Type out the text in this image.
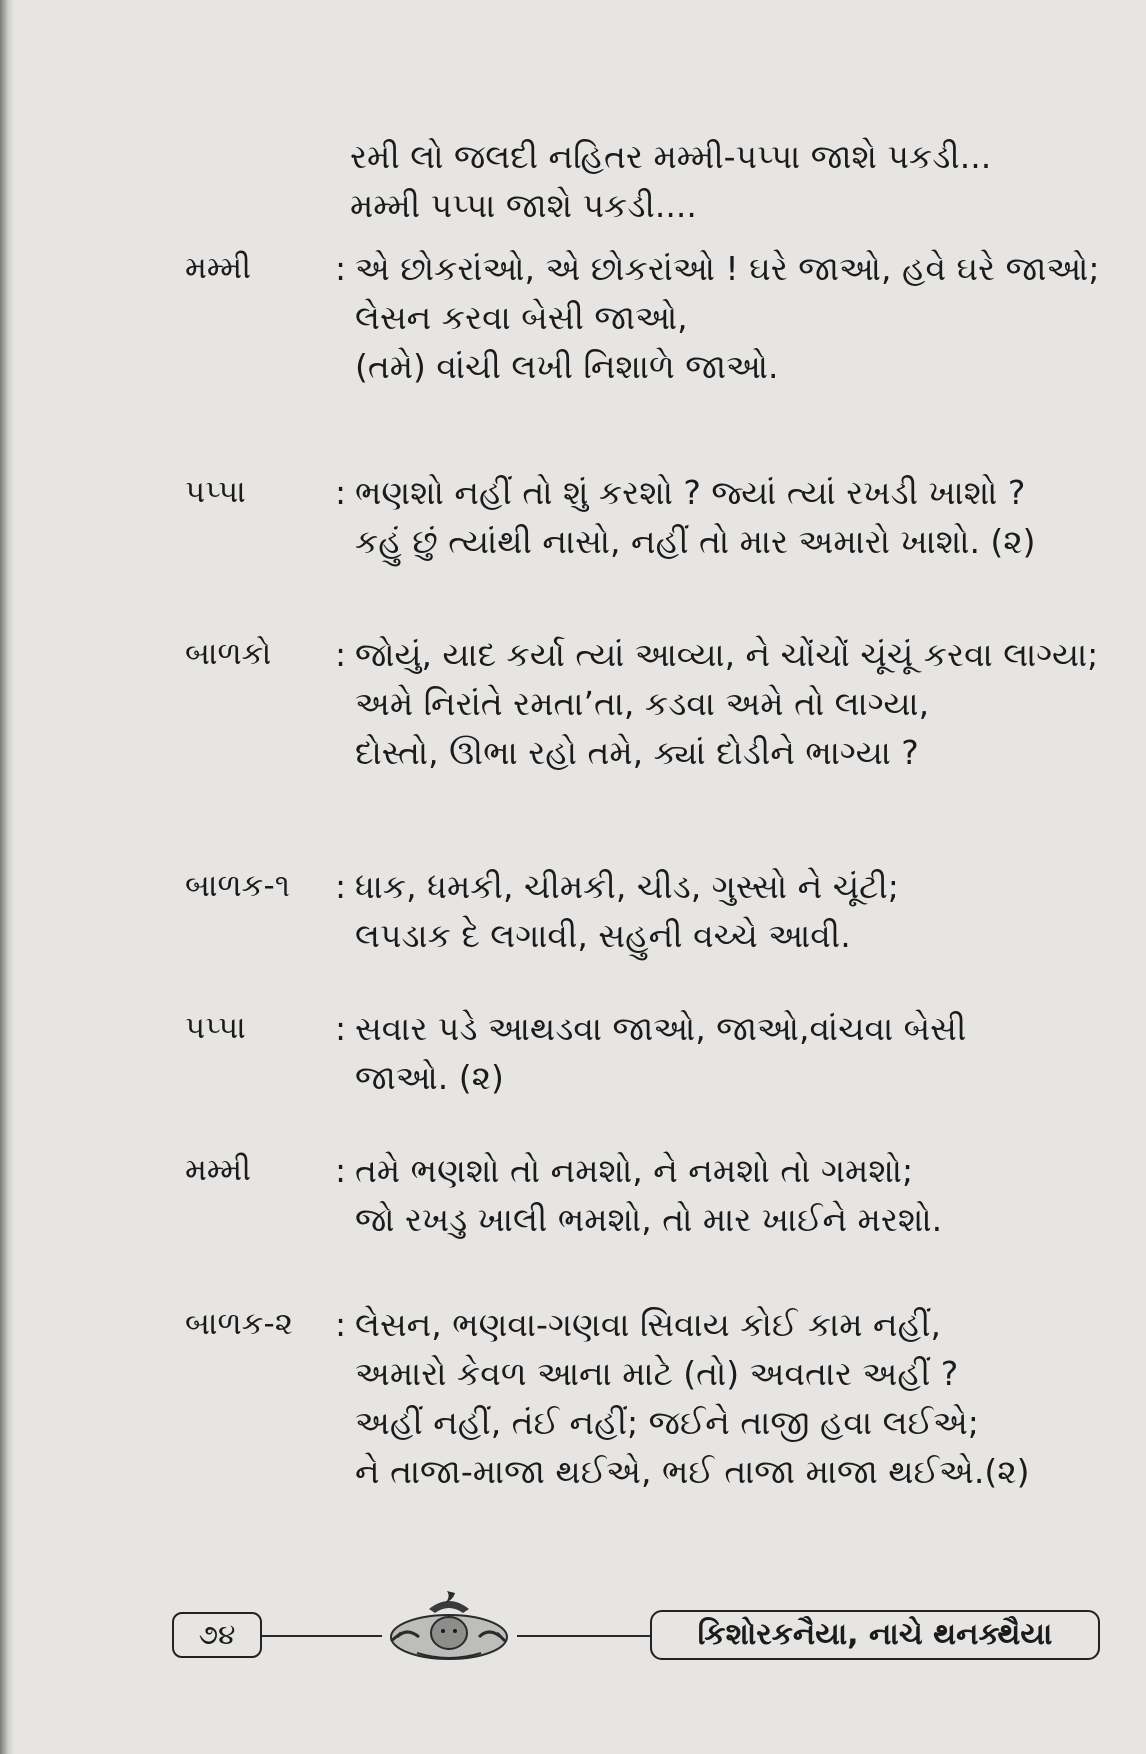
રમી લો જલદી નહિતર મમ્મી-પપ્પા જાશે પકડી...
મમ્મી પપ્પા જાશે પકડી....
મમ્મી	: એ છોકરાંઓ, એ છોકરાંઓ ! ઘરે જાઓ, હવે ઘરે જાઓ;
લેસન કરવા બેસી જાઓ,
(તમે) વાંચી લખી નિશાળે જાઓ.
પપ્પા	: ભણશો નહીં તો શું કરશો ? જ્યાં ત્યાં રખડી ખાશો ?
કહું છું ત્યાંથી નાસો, નહીં તો માર અમારો ખાશો. (૨)
બાળકો	: જોયું, યાદ કર્યા ત્યાં આવ્યા, ને ચોંચોં ચૂંચૂં કરવા લાગ્યા;
અમે નિરાંતે રમતા’તા, કડવા અમે તો લાગ્યા,
દોસ્તો, ઊભા રહો તમે, ક્યાં દોડીને ભાગ્યા ?
બાળક-૧	: ધાક, ધમકી, ચીમકી, ચીડ, ગુસ્સો ને ચૂંટી;
લપડાક દે લગાવી, સહુની વચ્ચે આવી.
પપ્પા	: સવાર પડે આથડવા જાઓ, જાઓ,વાંચવા બેસી
જાઓ. (૨)
મમ્મી	: તમે ભણશો તો નમશો, ને નમશો તો ગમશો;
જો રખડુ ખાલી ભમશો, તો માર ખાઈને મરશો.
બાળક-૨	: લેસન, ભણવા-ગણવા સિવાય કોઈ કામ નહીં,
અમારો કેવળ આના માટે (તો) અવતાર અહીં ?
અહીં નહીં, તંઈ નહીં; જઈને તાજી હવા લઈએ;
ને તાજા-માજા થઈએ, ભઈ તાજા માજા થઈએ.(૨)
૭૪	કિશોરકનૈયા, નાચે થનક્થૈયા
